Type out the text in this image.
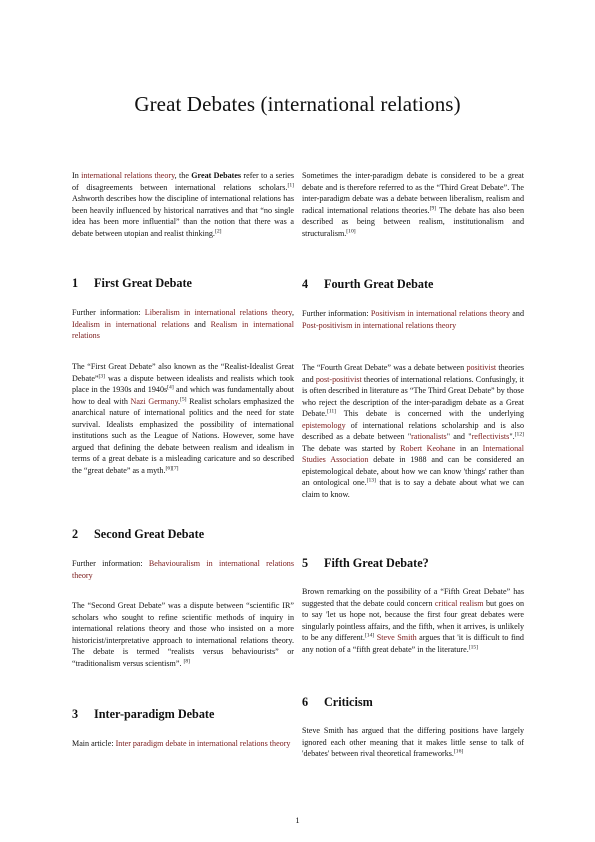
Great Debates (international relations)

In international relations theory, the Great Debates refer to a series of disagreements between international relations scholars.[1] Ashworth describes how the discipline of international relations has been heavily influenced by historical narratives and that “no single idea has been more influential” than the notion that there was a debate between utopian and realist thinking.[2]

1 First Great Debate

Further information: Liberalism in international relations theory, Idealism in international relations and Realism in international relations

The “First Great Debate” also known as the “Realist-Idealist Great Debate”[3] was a dispute between idealists and realists which took place in the 1930s and 1940s[4] and which was fundamentally about how to deal with Nazi Germany.[5] Realist scholars emphasized the anarchical nature of international politics and the need for state survival. Idealists emphasized the possibility of international institutions such as the League of Nations. However, some have argued that defining the debate between realism and idealism in terms of a great debate is a misleading caricature and so described the “great debate” as a myth.[6][7]

2 Second Great Debate

Further information: Behaviouralism in international relations theory

The “Second Great Debate” was a dispute between “scientific IR” scholars who sought to refine scientific methods of inquiry in international relations theory and those who insisted on a more historicist/interpretative approach to international relations theory. The debate is termed “realists versus behaviourists” or “traditionalism versus scientism”. [8]

3 Inter-paradigm Debate

Main article: Inter paradigm debate in international relations theory

Sometimes the inter-paradigm debate is considered to be a great debate and is therefore referred to as the “Third Great Debate”. The inter-paradigm debate was a debate between liberalism, realism and radical international relations theories.[9] The debate has also been described as being between realism, institutionalism and structuralism.[10]

4 Fourth Great Debate

Further information: Positivism in international relations theory and Post-positivism in international relations theory

The “Fourth Great Debate” was a debate between positivist theories and post-positivist theories of international relations. Confusingly, it is often described in literature as “The Third Great Debate” by those who reject the description of the inter-paradigm debate as a Great Debate.[11] This debate is concerned with the underlying epistemology of international relations scholarship and is also described as a debate between "rationalists" and "reflectivists".[12] The debate was started by Robert Keohane in an International Studies Association debate in 1988 and can be considered an epistemological debate, about how we can know 'things' rather than an ontological one.[13] that is to say a debate about what we can claim to know.

5 Fifth Great Debate?

Brown remarking on the possibility of a “Fifth Great Debate” has suggested that the debate could concern critical realism but goes on to say 'let us hope not, because the first four great debates were singularly pointless affairs, and the fifth, when it arrives, is unlikely to be any different.[14] Steve Smith argues that 'it is difficult to find any notion of a “fifth great debate” in the literature.[15]

6 Criticism

Steve Smith has argued that the differing positions have largely ignored each other meaning that it makes little sense to talk of 'debates' between rival theoretical frameworks.[16]

1
